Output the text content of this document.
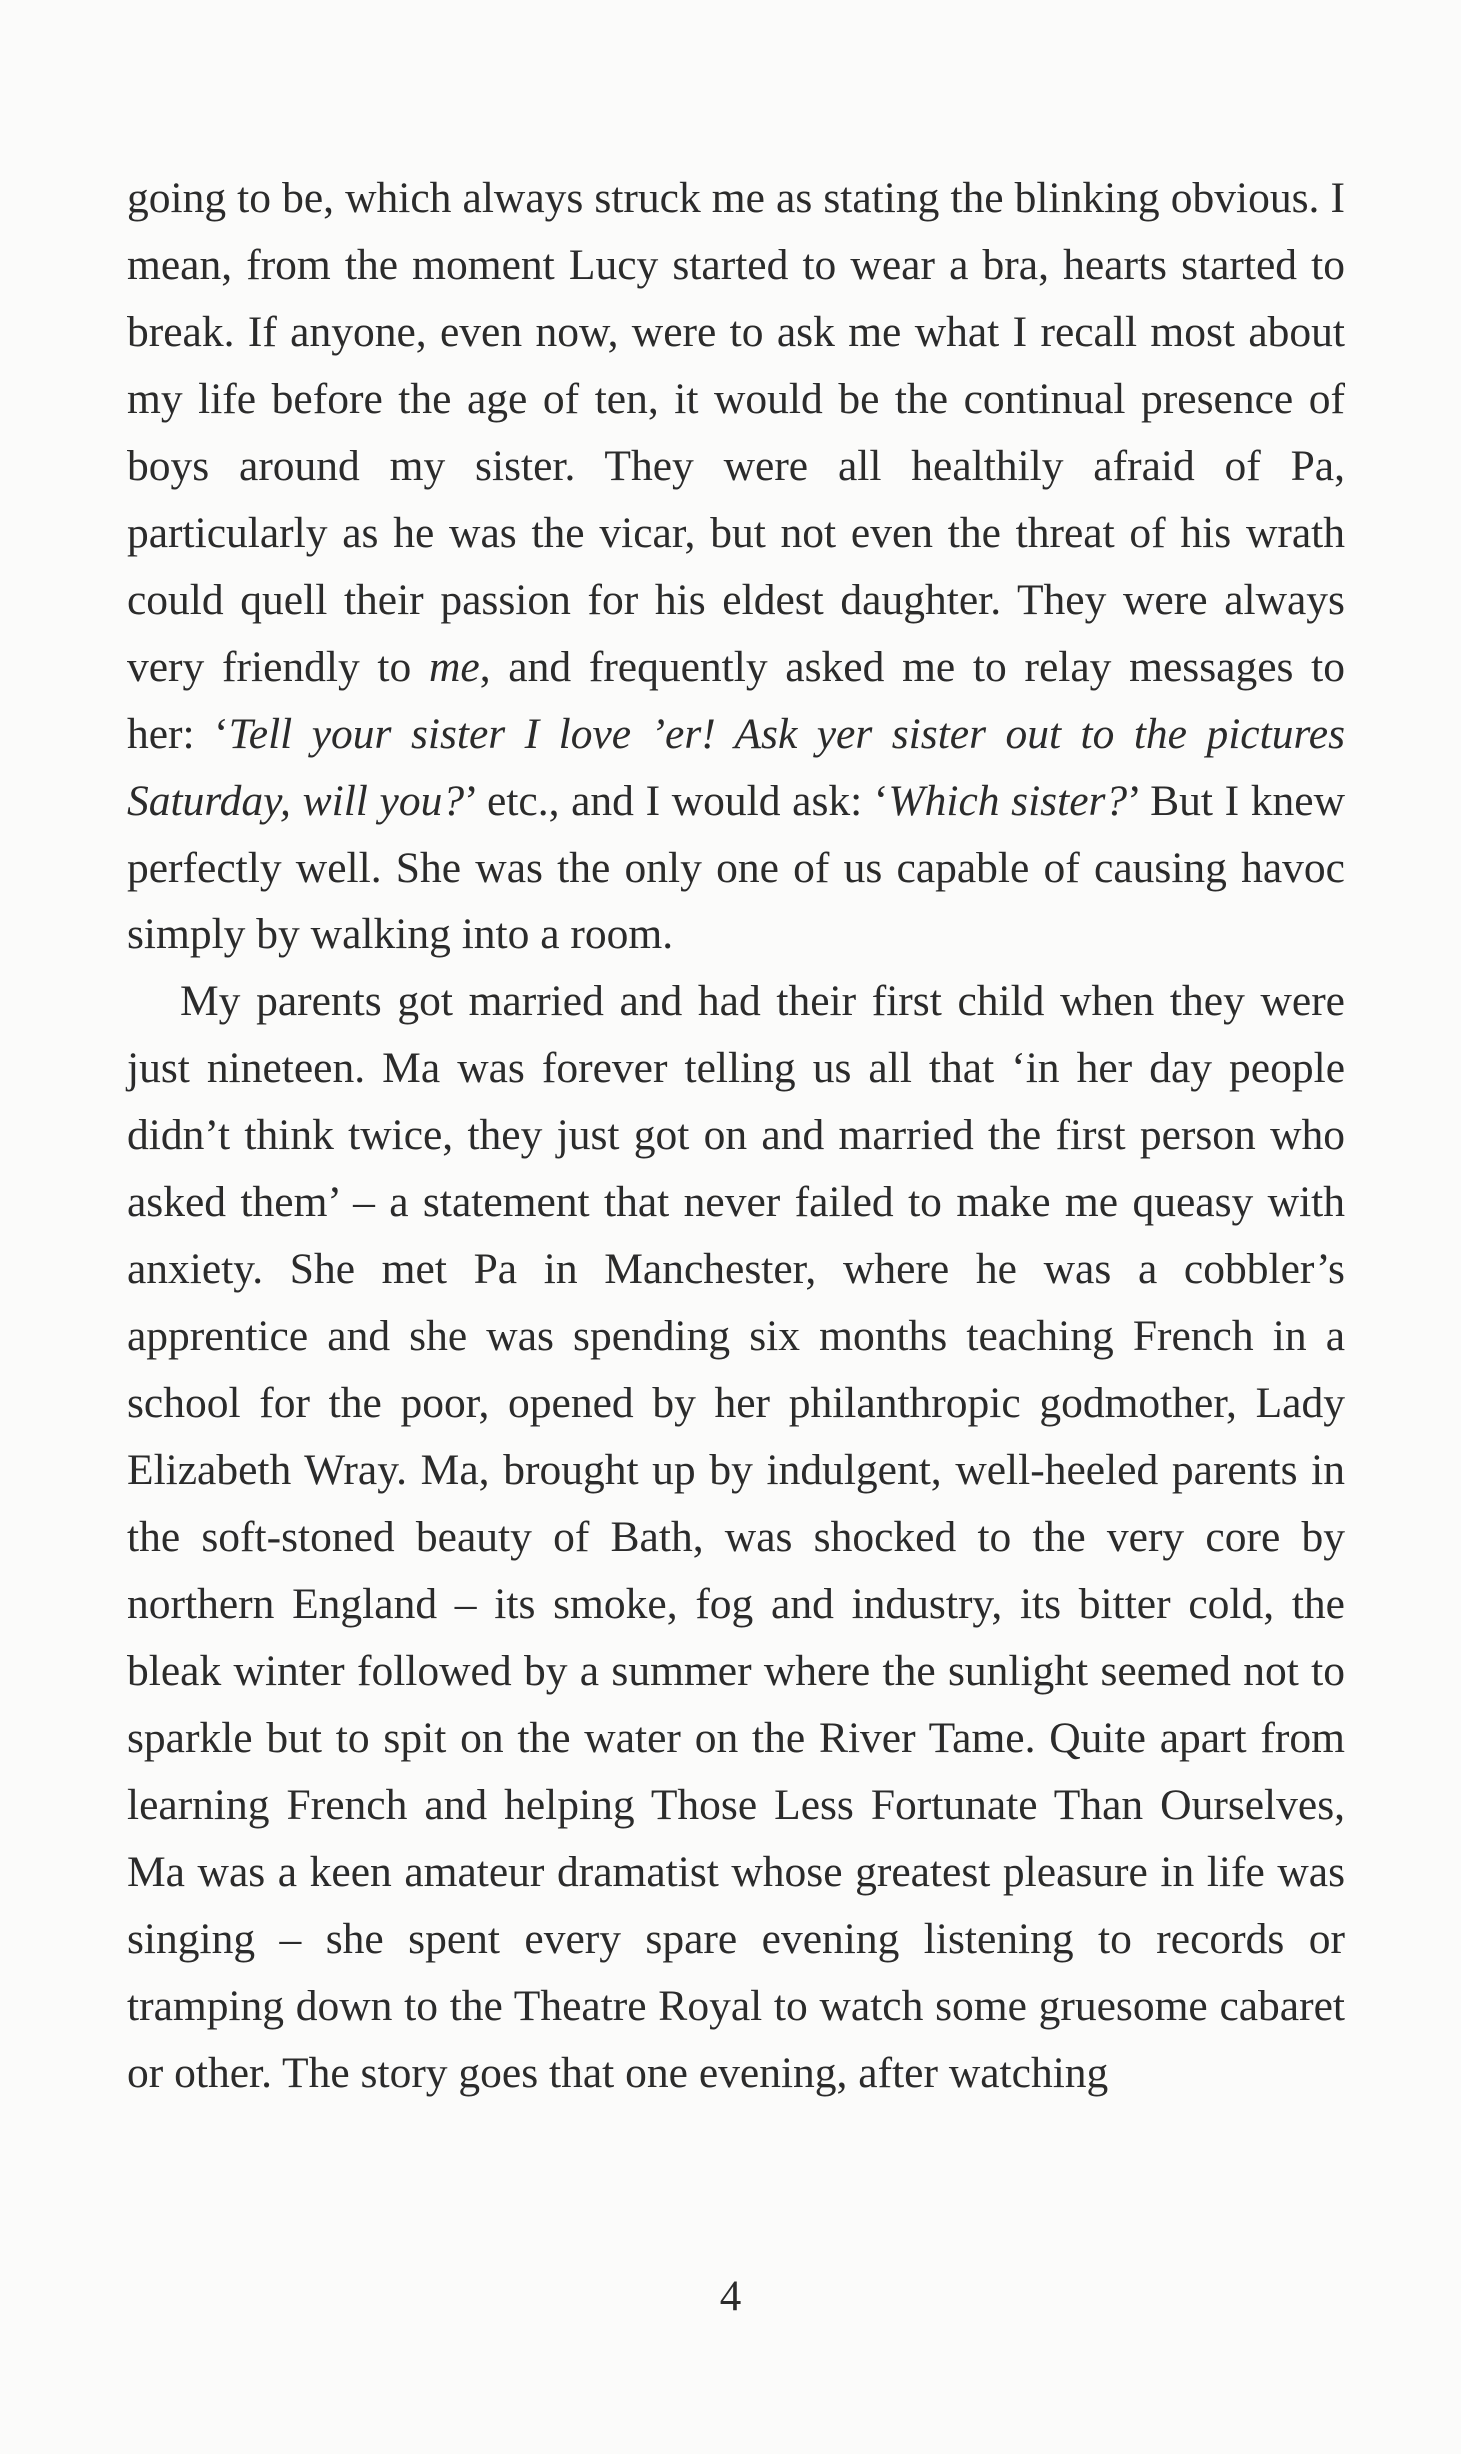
going to be, which always struck me as stating the blinking obvious. I mean, from the moment Lucy started to wear a bra, hearts started to break. If anyone, even now, were to ask me what I recall most about my life before the age of ten, it would be the continual presence of boys around my sister. They were all healthily afraid of Pa, particularly as he was the vicar, but not even the threat of his wrath could quell their passion for his eldest daughter. They were always very friendly to me, and frequently asked me to relay messages to her: ‘Tell your sister I love ’er! Ask yer sister out to the pictures Saturday, will you?’ etc., and I would ask: ‘Which sister?’ But I knew perfectly well. She was the only one of us capable of causing havoc simply by walking into a room.

My parents got married and had their first child when they were just nineteen. Ma was forever telling us all that ‘in her day people didn’t think twice, they just got on and married the first person who asked them’ – a statement that never failed to make me queasy with anxiety. She met Pa in Manchester, where he was a cobbler’s apprentice and she was spending six months teaching French in a school for the poor, opened by her philanthropic godmother, Lady Elizabeth Wray. Ma, brought up by indulgent, well-heeled parents in the soft-stoned beauty of Bath, was shocked to the very core by northern England – its smoke, fog and industry, its bitter cold, the bleak winter followed by a summer where the sunlight seemed not to sparkle but to spit on the water on the River Tame. Quite apart from learning French and helping Those Less Fortunate Than Ourselves, Ma was a keen amateur dramatist whose greatest pleasure in life was singing – she spent every spare evening listening to records or tramping down to the Theatre Royal to watch some gruesome cabaret or other. The story goes that one evening, after watching

4
